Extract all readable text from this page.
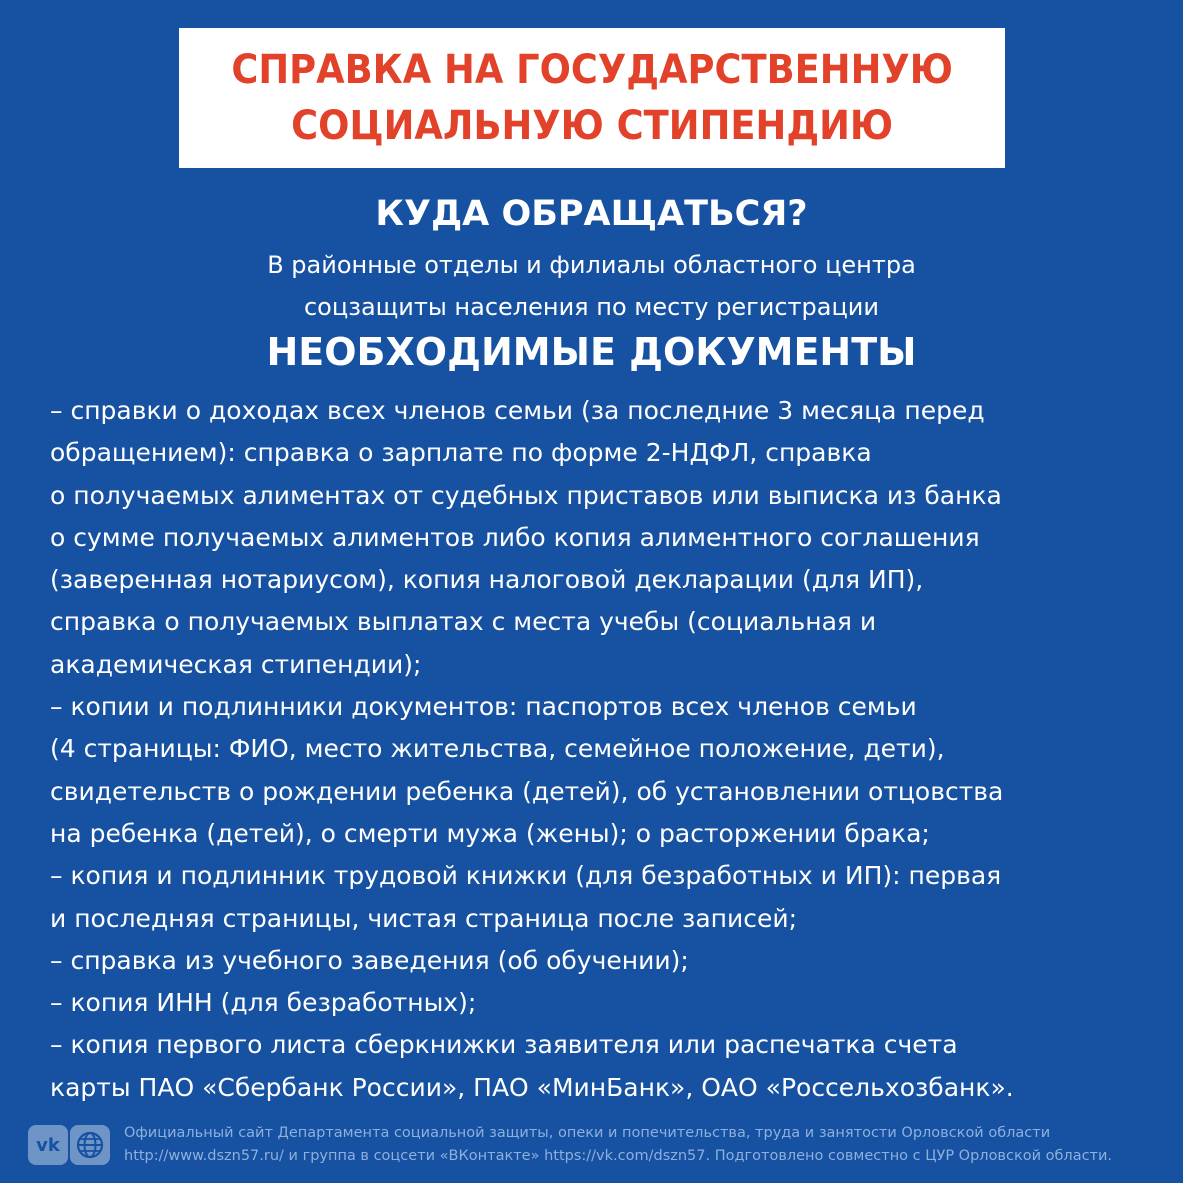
СПРАВКА НА ГОСУДАРСТВЕННУЮ
СОЦИАЛЬНУЮ СТИПЕНДИЮ
КУДА ОБРАЩАТЬСЯ?
В районные отделы и филиалы областного центра
соцзащиты населения по месту регистрации
НЕОБХОДИМЫЕ ДОКУМЕНТЫ
– справки о доходах всех членов семьи (за последние 3 месяца перед
обращением): справка о зарплате по форме 2-НДФЛ, справка
о получаемых алиментах от судебных приставов или выписка из банка
о сумме получаемых алиментов либо копия алиментного соглашения
(заверенная нотариусом), копия налоговой декларации (для ИП),
справка о получаемых выплатах с места учебы (социальная и
академическая стипендии);
– копии и подлинники документов: паспортов всех членов семьи
(4 страницы: ФИО, место жительства, семейное положение, дети),
свидетельств о рождении ребенка (детей), об установлении отцовства
на ребенка (детей), о смерти мужа (жены); о расторжении брака;
– копия и подлинник трудовой книжки (для безработных и ИП): первая
и последняя страницы, чистая страница после записей;
– справка из учебного заведения (об обучении);
– копия ИНН (для безработных);
– копия первого листа сберкнижки заявителя или распечатка счета
карты ПАО «Сбербанк России», ПАО «МинБанк», ОАО «Россельхозбанк».
vk
Официальный сайт Департамента социальной защиты, опеки и попечительства, труда и занятости Орловской области
http://www.dszn57.ru/ и группа в соцсети «ВКонтакте» https://vk.com/dszn57. Подготовлено совместно с ЦУР Орловской области.
